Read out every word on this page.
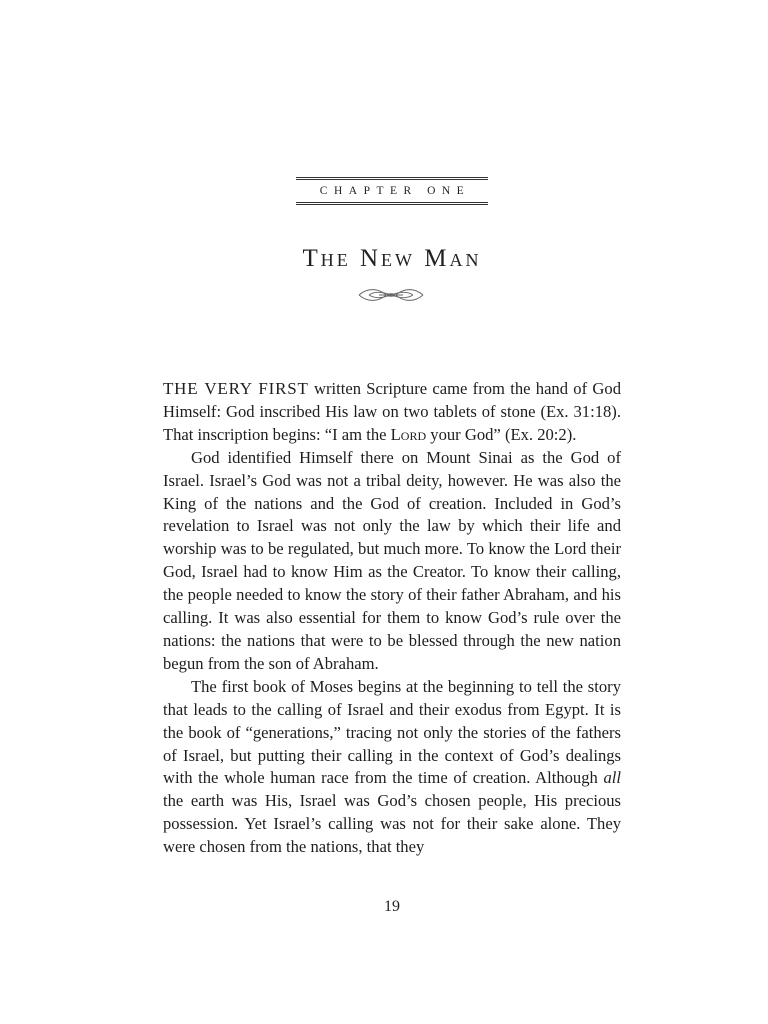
CHAPTER ONE
The New Man

THE VERY FIRST written Scripture came from the hand of God Himself: God inscribed His law on two tablets of stone (Ex. 31:18). That inscription begins: “I am the Lord your God” (Ex. 20:2).

God identified Himself there on Mount Sinai as the God of Israel. Israel’s God was not a tribal deity, however. He was also the King of the nations and the God of creation. Included in God’s revelation to Israel was not only the law by which their life and worship was to be regulated, but much more. To know the Lord their God, Israel had to know Him as the Creator. To know their calling, the people needed to know the story of their father Abraham, and his calling. It was also essential for them to know God’s rule over the nations: the nations that were to be blessed through the new nation begun from the son of Abraham.

The first book of Moses begins at the beginning to tell the story that leads to the calling of Israel and their exodus from Egypt. It is the book of “generations,” tracing not only the stories of the fathers of Israel, but putting their calling in the context of God’s dealings with the whole human race from the time of creation. Although all the earth was His, Israel was God’s chosen people, His precious possession. Yet Israel’s calling was not for their sake alone. They were chosen from the nations, that they

19
